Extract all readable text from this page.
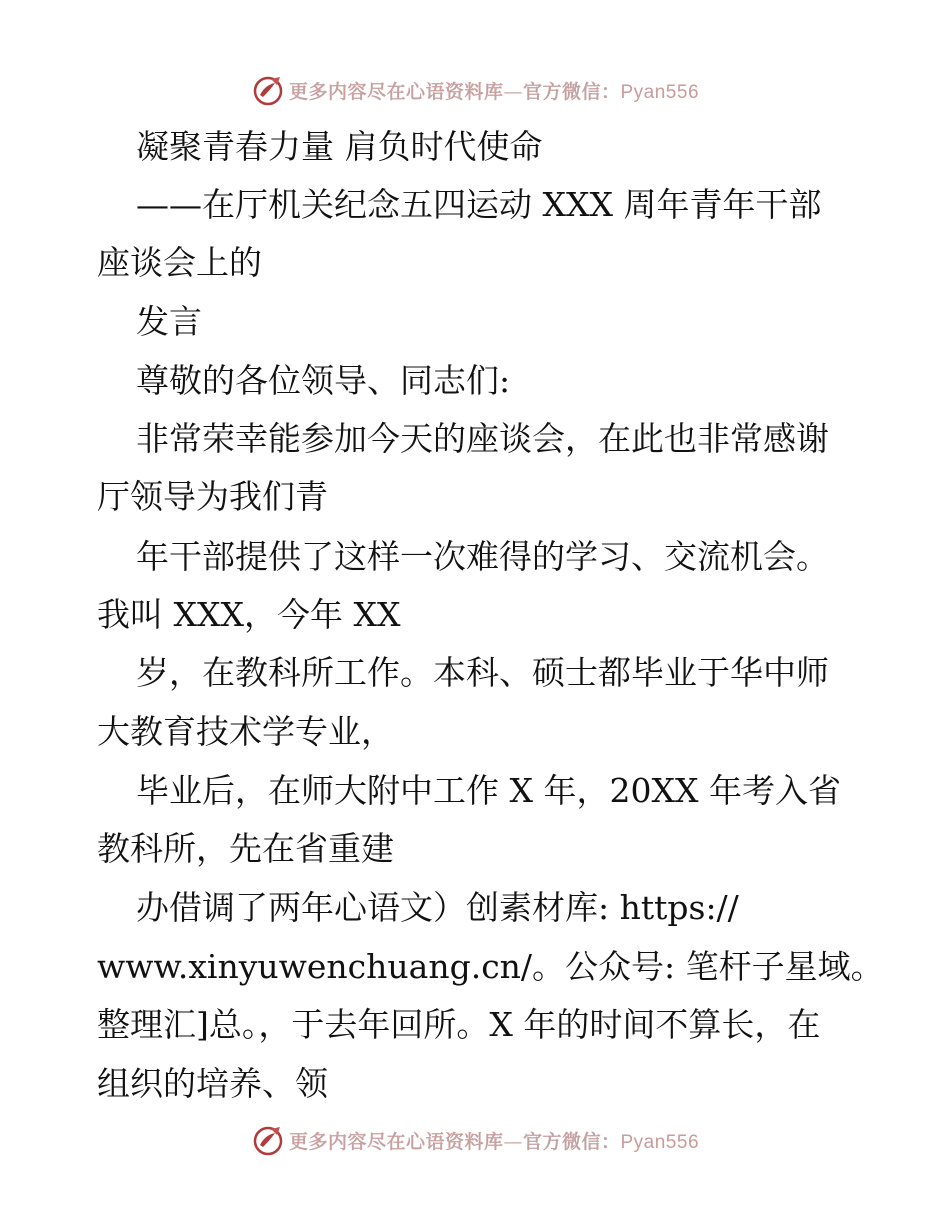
更多内容尽在心语资料库—官方微信：Pyan556
凝聚青春力量 肩负时代使命
——在厅机关纪念五四运动 XXX 周年青年干部
座谈会上的
发言
尊敬的各位领导、同志们:
非常荣幸能参加今天的座谈会，在此也非常感谢
厅领导为我们青
年干部提供了这样一次难得的学习、交流机会。
我叫 XXX，今年 XX
岁，在教科所工作。本科、硕士都毕业于华中师
大教育技术学专业，
毕业后，在师大附中工作 X 年，20XX 年考入省
教科所，先在省重建
办借调了两年心语文）创素材库: https://
www.xinyuwenchuang.cn/。公众号: 笔杆子星域。
整理汇]总。，于去年回所。X 年的时间不算长，在
组织的培养、领
更多内容尽在心语资料库—官方微信：Pyan556
